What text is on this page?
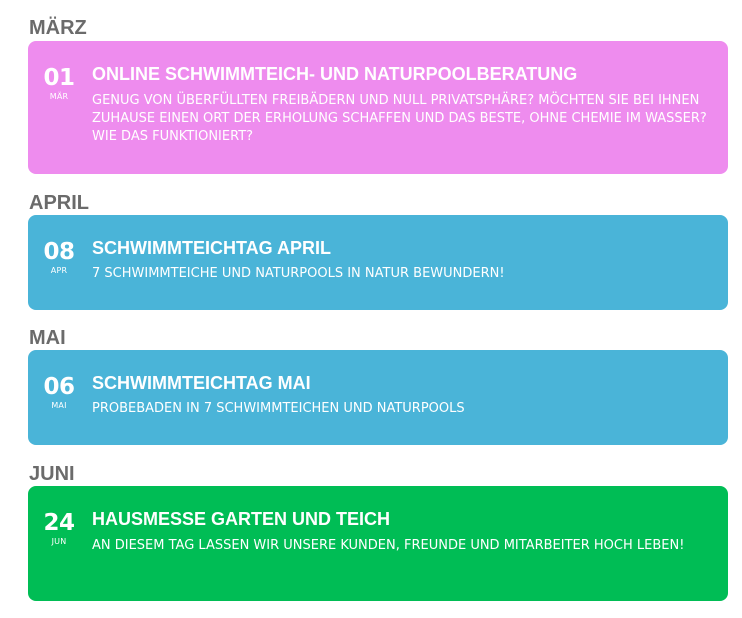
MÄRZ
01
MÄR
ONLINE SCHWIMMTEICH- UND NATURPOOLBERATUNG

GENUG VON ÜBERFÜLLTEN FREIBÄDERN UND NULL PRIVATSPHÄRE? MÖCHTEN SIE BEI IHNEN ZUHAUSE EINEN ORT DER ERHOLUNG SCHAFFEN UND DAS BESTE, OHNE CHEMIE IM WASSER? WIE DAS FUNKTIONIERT?

APRIL
08
APR
SCHWIMMTEICHTAG APRIL

7 SCHWIMMTEICHE UND NATURPOOLS IN NATUR BEWUNDERN!

MAI
06
MAI
SCHWIMMTEICHTAG MAI

PROBEBADEN IN 7 SCHWIMMTEICHEN UND NATURPOOLS

JUNI
24
JUN
HAUSMESSE GARTEN UND TEICH

AN DIESEM TAG LASSEN WIR UNSERE KUNDEN, FREUNDE UND MITARBEITER HOCH LEBEN!
